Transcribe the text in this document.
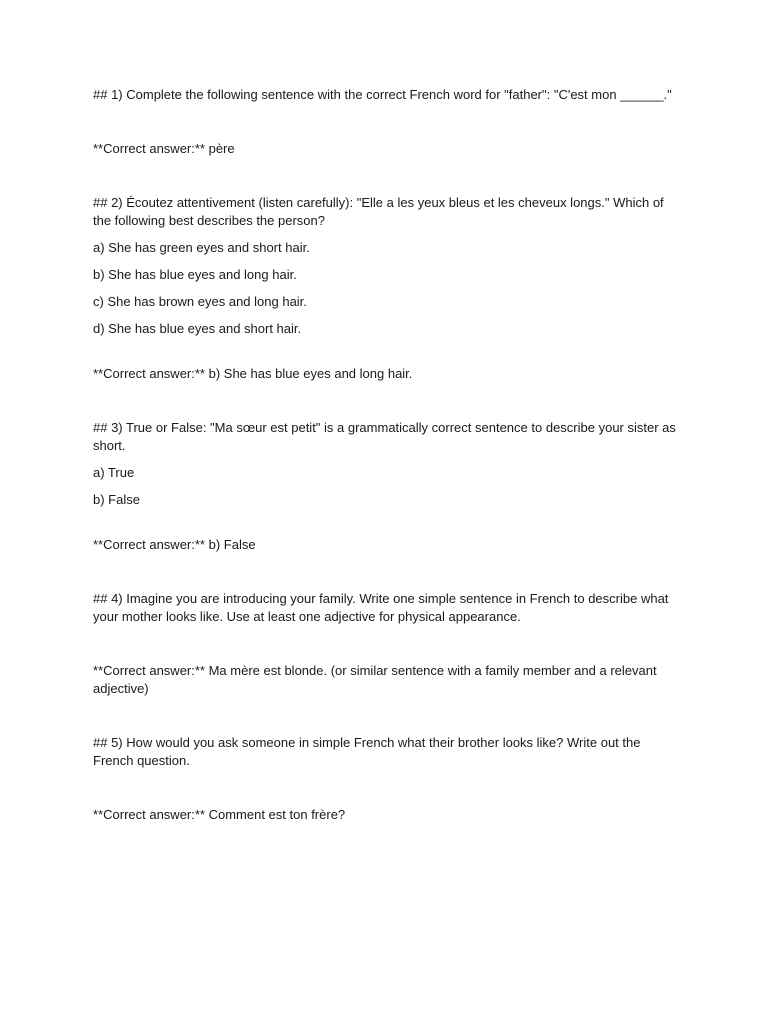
## 1) Complete the following sentence with the correct French word for "father": "C'est mon ______."

**Correct answer:** père

## 2) Écoutez attentivement (listen carefully): "Elle a les yeux bleus et les cheveux longs." Which of the following best describes the person?

a) She has green eyes and short hair.

b) She has blue eyes and long hair.

c) She has brown eyes and long hair.

d) She has blue eyes and short hair.

**Correct answer:** b) She has blue eyes and long hair.

## 3) True or False: "Ma sœur est petit" is a grammatically correct sentence to describe your sister as short.

a) True

b) False

**Correct answer:** b) False

## 4) Imagine you are introducing your family. Write one simple sentence in French to describe what your mother looks like. Use at least one adjective for physical appearance.

**Correct answer:** Ma mère est blonde. (or similar sentence with a family member and a relevant adjective)

## 5) How would you ask someone in simple French what their brother looks like? Write out the French question.

**Correct answer:** Comment est ton frère?
